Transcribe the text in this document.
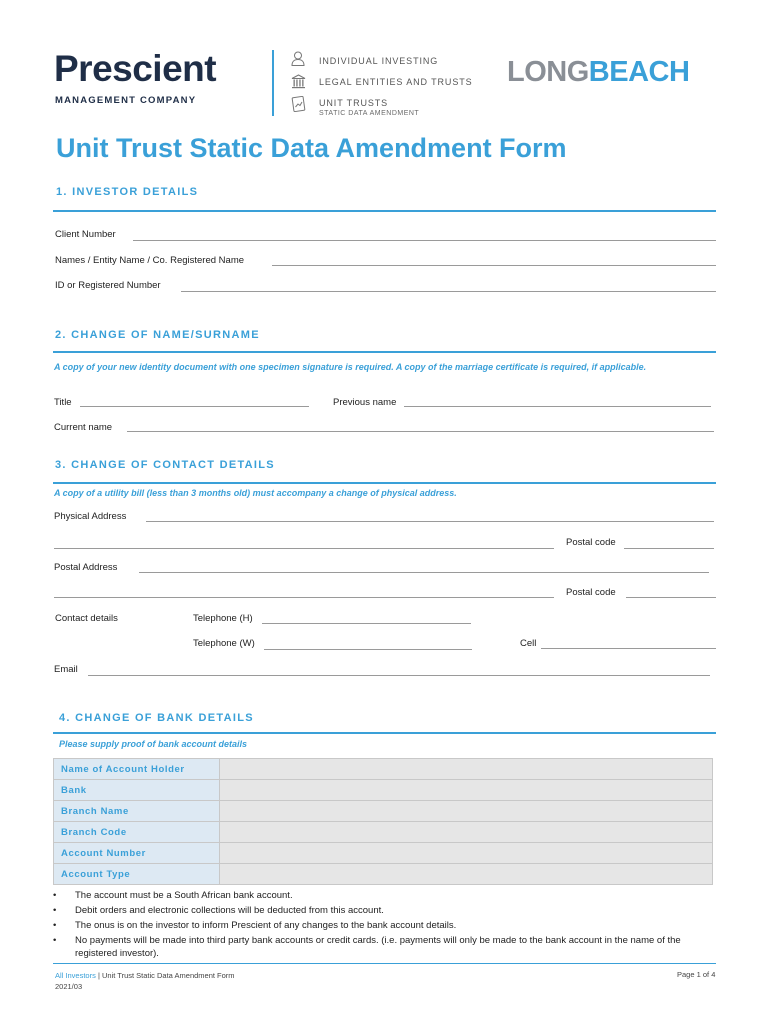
Prescient
MANAGEMENT COMPANY
INDIVIDUAL INVESTING
LEGAL ENTITIES AND TRUSTS
UNIT TRUSTS
STATIC DATA AMENDMENT
LONGBEACH
Unit Trust Static Data Amendment Form
1. INVESTOR DETAILS
Client Number
Names / Entity Name / Co. Registered Name
ID or Registered Number
2. CHANGE OF NAME/SURNAME
A copy of your new identity document with one specimen signature is required. A copy of the marriage certificate is required, if applicable.
Title	Previous name
Current name
3. CHANGE OF CONTACT DETAILS
A copy of a utility bill (less than 3 months old) must accompany a change of physical address.
Physical Address
Postal code
Postal Address
Postal code
Contact details	Telephone (H)
Telephone (W)	Cell
Email
4. CHANGE OF BANK DETAILS
Please supply proof of bank account details
Name of Account Holder	
Bank	
Branch Name	
Branch Code	
Account Number	
Account Type	
•	The account must be a South African bank account.
•	Debit orders and electronic collections will be deducted from this account.
•	The onus is on the investor to inform Prescient of any changes to the bank account details.
•	No payments will be made into third party bank accounts or credit cards. (i.e. payments will only be made to the bank account in the name of the registered investor).
All Investors | Unit Trust Static Data Amendment Form
2021/03
Page 1 of 4
